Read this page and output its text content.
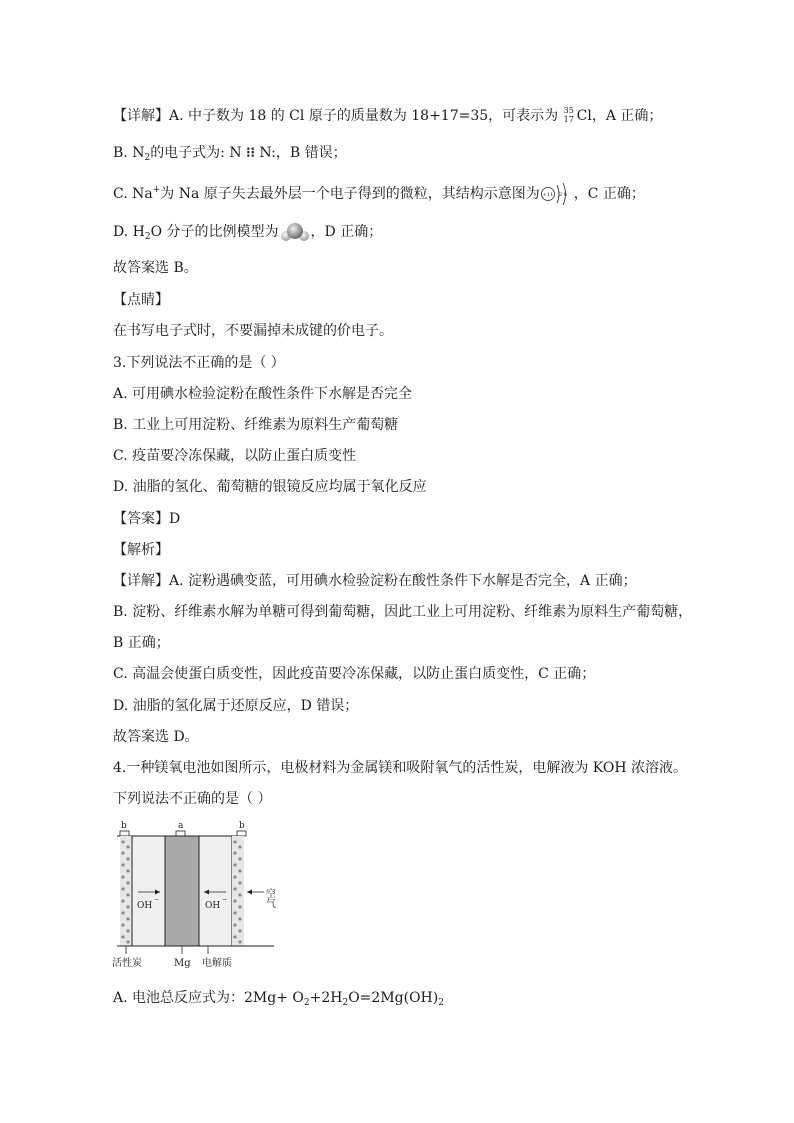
【详解】A. 中子数为 18 的 Cl 原子的质量数为 18+17=35，可表示为 35
17 Cl，A 正确；
B. $N_2$的电子式为: N ⁝⁝ N:，B 错误；
C. Na+为 Na 原子失去最外层一个电子得到的微粒，其结构示意图为 +11 2 8 ，C 正确；
D. $H_2O$ 分子的比例模型为 ，D 正确；
故答案选 B。
【点睛】
在书写电子式时，不要漏掉未成键的价电子。
3.下列说法不正确的是（ ）
A. 可用碘水检验淀粉在酸性条件下水解是否完全
B. 工业上可用淀粉、纤维素为原料生产葡萄糖
C. 疫苗要冷冻保藏，以防止蛋白质变性
D. 油脂的氢化、葡萄糖的银镜反应均属于氧化反应
【答案】D
【解析】
【详解】A. 淀粉遇碘变蓝，可用碘水检验淀粉在酸性条件下水解是否完全，A 正确；
B. 淀粉、纤维素水解为单糖可得到葡萄糖，因此工业上可用淀粉、纤维素为原料生产葡萄糖，
B 正确；
C. 高温会使蛋白质变性，因此疫苗要冷冻保藏，以防止蛋白质变性，C 正确；
D. 油脂的氢化属于还原反应，D 错误；
故答案选 D。
4.一种镁氧电池如图所示，电极材料为金属镁和吸附氧气的活性炭，电解液为 KOH 浓溶液。
下列说法不正确的是（ ）
b	a	b
OH
−
OH
−	空气
活性炭	Mg 电解质
A. 电池总反应式为：$2Mg+ O_2+2H_2O=2Mg(OH)_2$
